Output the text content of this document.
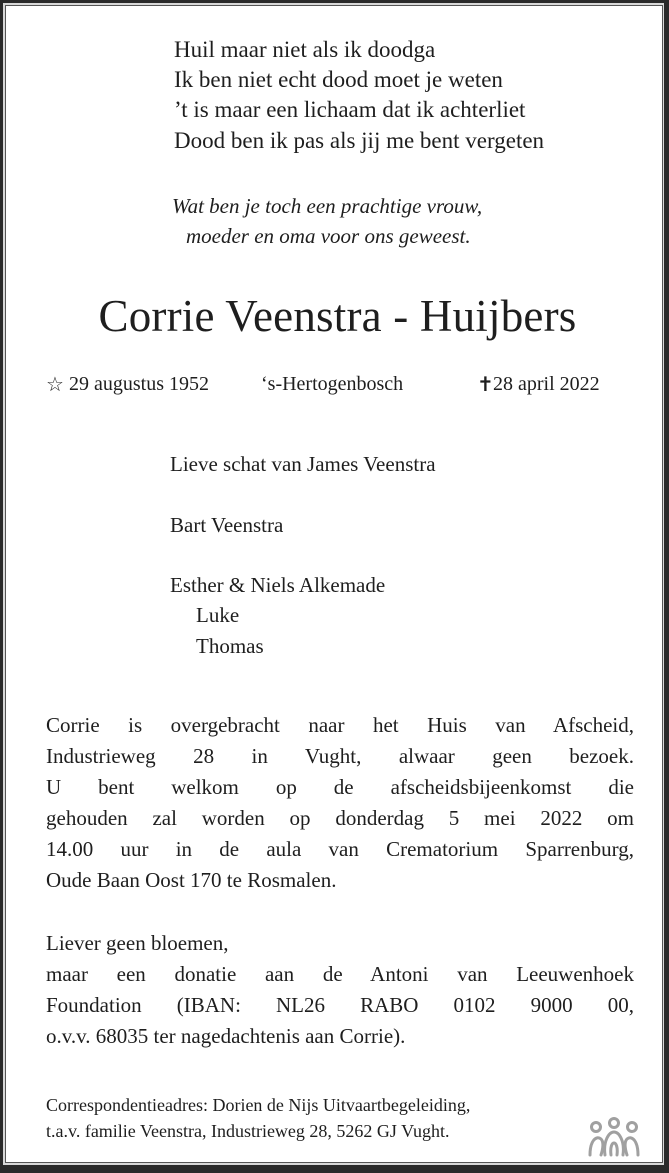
Huil maar niet als ik doodga

Ik ben niet echt dood moet je weten

’t is maar een lichaam dat ik achterliet

Dood ben ik pas als jij me bent vergeten

Wat ben je toch een prachtige vrouw,

moeder en oma voor ons geweest.

Corrie Veenstra - Huijbers

☆ 29 augustus 1952	‘s-Hertogenbosch	✝ 28 april 2022

Lieve schat van James Veenstra

Bart Veenstra

Esther & Niels Alkemade

Luke

Thomas

Corrie is overgebracht naar het Huis van Afscheid,
Industrieweg 28 in Vught, alwaar geen bezoek.
U bent welkom op de afscheidsbijeenkomst die
gehouden zal worden op donderdag 5 mei 2022 om
14.00 uur in de aula van Crematorium Sparrenburg,
Oude Baan Oost 170 te Rosmalen.
Liever geen bloemen,
maar een donatie aan de Antoni van Leeuwenhoek
Foundation (IBAN: NL26 RABO 0102 9000 00,
o.v.v. 68035 ter nagedachtenis aan Corrie).

Correspondentieadres: Dorien de Nijs Uitvaartbegeleiding,

t.a.v. familie Veenstra, Industrieweg 28, 5262 GJ Vught.
